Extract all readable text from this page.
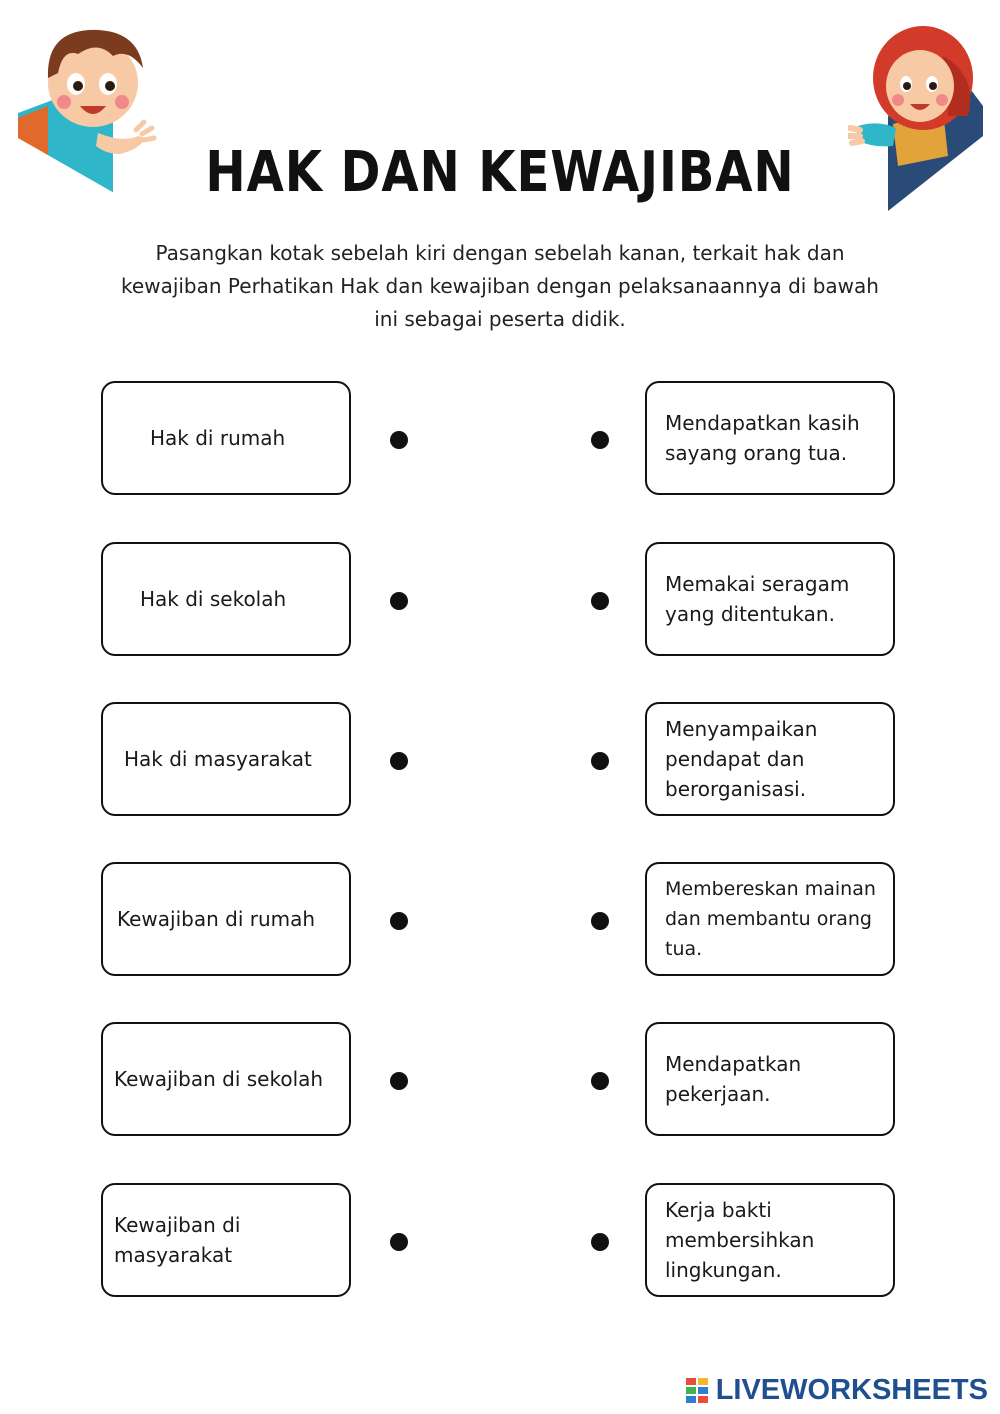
HAK DAN KEWAJIBAN
Pasangkan kotak sebelah kiri dengan sebelah kanan, terkait hak dan kewajiban Perhatikan Hak dan kewajiban dengan pelaksanaannya di bawah ini sebagai peserta didik.
Hak di rumah
Hak di sekolah
Hak di masyarakat
Kewajiban di rumah
Kewajiban di sekolah
Kewajiban di masyarakat
Mendapatkan kasih sayang orang tua.
Memakai seragam yang ditentukan.
Menyampaikan pendapat dan berorganisasi.
Membereskan mainan dan membantu orang tua.
Mendapatkan pekerjaan.
Kerja bakti membersihkan lingkungan.
LIVEWORKSHEETS
